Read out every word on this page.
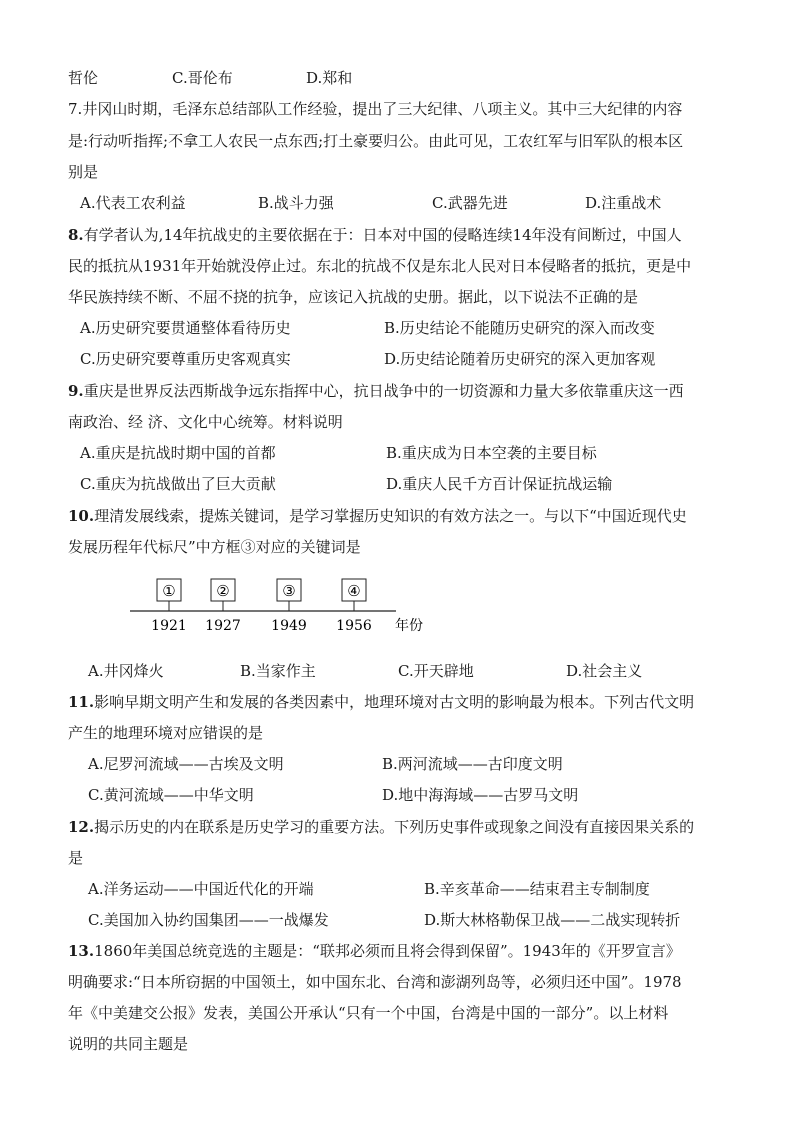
哲伦	C.哥伦布	D.郑和
7.井冈山时期，毛泽东总结部队工作经验，提出了三大纪律、八项主义。其中三大纪律的内容
是:行动听指挥;不拿工人农民一点东西;打土豪要归公。由此可见，工农红军与旧军队的根本区
别是
A.代表工农利益	B.战斗力强	C.武器先进	D.注重战术
8.有学者认为,14年抗战史的主要依据在于：日本对中国的侵略连续14年没有间断过，中国人
民的抵抗从1931年开始就没停止过。东北的抗战不仅是东北人民对日本侵略者的抵抗，更是中
华民族持续不断、不屈不挠的抗争，应该记入抗战的史册。据此，以下说法不正确的是
A.历史研究要贯通整体看待历史	B.历史结论不能随历史研究的深入而改变
C.历史研究要尊重历史客观真实	D.历史结论随着历史研究的深入更加客观
9.重庆是世界反法西斯战争远东指挥中心，抗日战争中的一切资源和力量大多依靠重庆这一西
南政治、经 济、文化中心统筹。材料说明
A.重庆是抗战时期中国的首都	B.重庆成为日本空袭的主要目标
C.重庆为抗战做出了巨大贡献	D.重庆人民千方百计保证抗战运输
10.理清发展线索，提炼关键词，是学习掌握历史知识的有效方法之一。与以下“中国近现代史
发展历程年代标尺”中方框③对应的关键词是
①	②	③	④
1921 1927 1949 1956 年份
A.井冈烽火	B.当家作主	C.开天辟地	D.社会主义
11.影响早期文明产生和发展的各类因素中，地理环境对古文明的影响最为根本。下列古代文明
产生的地理环境对应错误的是
A.尼罗河流域——古埃及文明	B.两河流域——古印度文明
C.黄河流域——中华文明	D.地中海海域——古罗马文明
12.揭示历史的内在联系是历史学习的重要方法。下列历史事件或现象之间没有直接因果关系的
是
A.洋务运动——中国近代化的开端	B.辛亥革命——结束君主专制制度
C.美国加入协约国集团——一战爆发	D.斯大林格勒保卫战——二战实现转折
13.1860年美国总统竞选的主题是：“联邦必须而且将会得到保留”。1943年的《开罗宣言》
明确要求:“日本所窃据的中国领土，如中国东北、台湾和澎湖列岛等，必须归还中国”。1978
年《中美建交公报》发表，美国公开承认“只有一个中国，台湾是中国的一部分”。以上材料
说明的共同主题是
